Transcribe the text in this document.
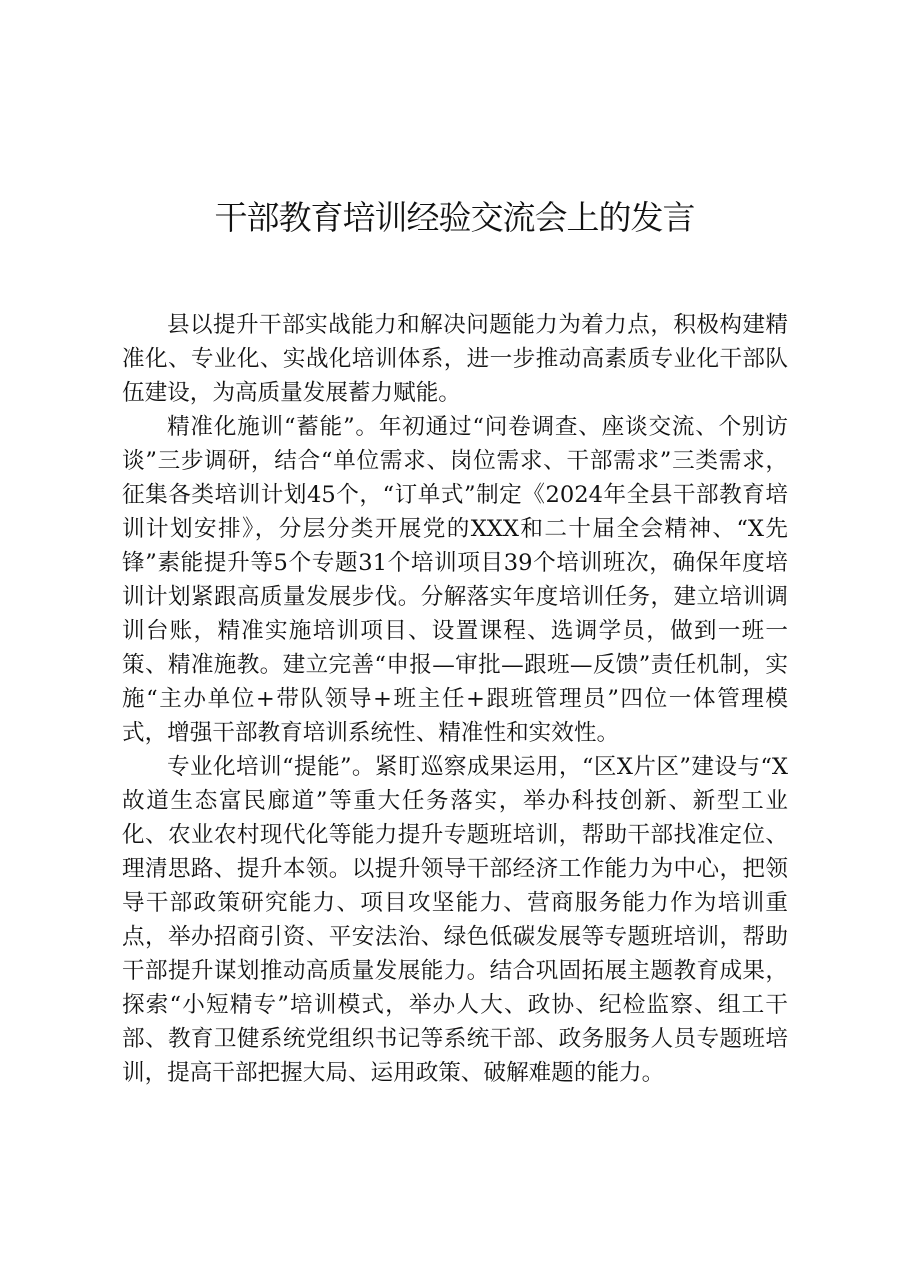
干部教育培训经验交流会上的发言

县以提升干部实战能力和解决问题能力为着力点，积极构建精准化、专业化、实战化培训体系，进一步推动高素质专业化干部队伍建设，为高质量发展蓄力赋能。

精准化施训“蓄能”。年初通过“问卷调查、座谈交流、个别访谈”三步调研，结合“单位需求、岗位需求、干部需求”三类需求，征集各类培训计划45个，“订单式”制定《2024年全县干部教育培训计划安排》，分层分类开展党的XXX和二十届全会精神、“X先锋”素能提升等5个专题31个培训项目39个培训班次，确保年度培训计划紧跟高质量发展步伐。分解落实年度培训任务，建立培训调训台账，精准实施培训项目、设置课程、选调学员，做到一班一策、精准施教。建立完善“申报—审批—跟班—反馈”责任机制，实施“主办单位+带队领导+班主任+跟班管理员”四位一体管理模式，增强干部教育培训系统性、精准性和实效性。

专业化培训“提能”。紧盯巡察成果运用，“区X片区”建设与“X故道生态富民廊道”等重大任务落实，举办科技创新、新型工业化、农业农村现代化等能力提升专题班培训，帮助干部找准定位、理清思路、提升本领。以提升领导干部经济工作能力为中心，把领导干部政策研究能力、项目攻坚能力、营商服务能力作为培训重点，举办招商引资、平安法治、绿色低碳发展等专题班培训，帮助干部提升谋划推动高质量发展能力。结合巩固拓展主题教育成果，探索“小短精专”培训模式，举办人大、政协、纪检监察、组工干部、教育卫健系统党组织书记等系统干部、政务服务人员专题班培训，提高干部把握大局、运用政策、破解难题的能力。
